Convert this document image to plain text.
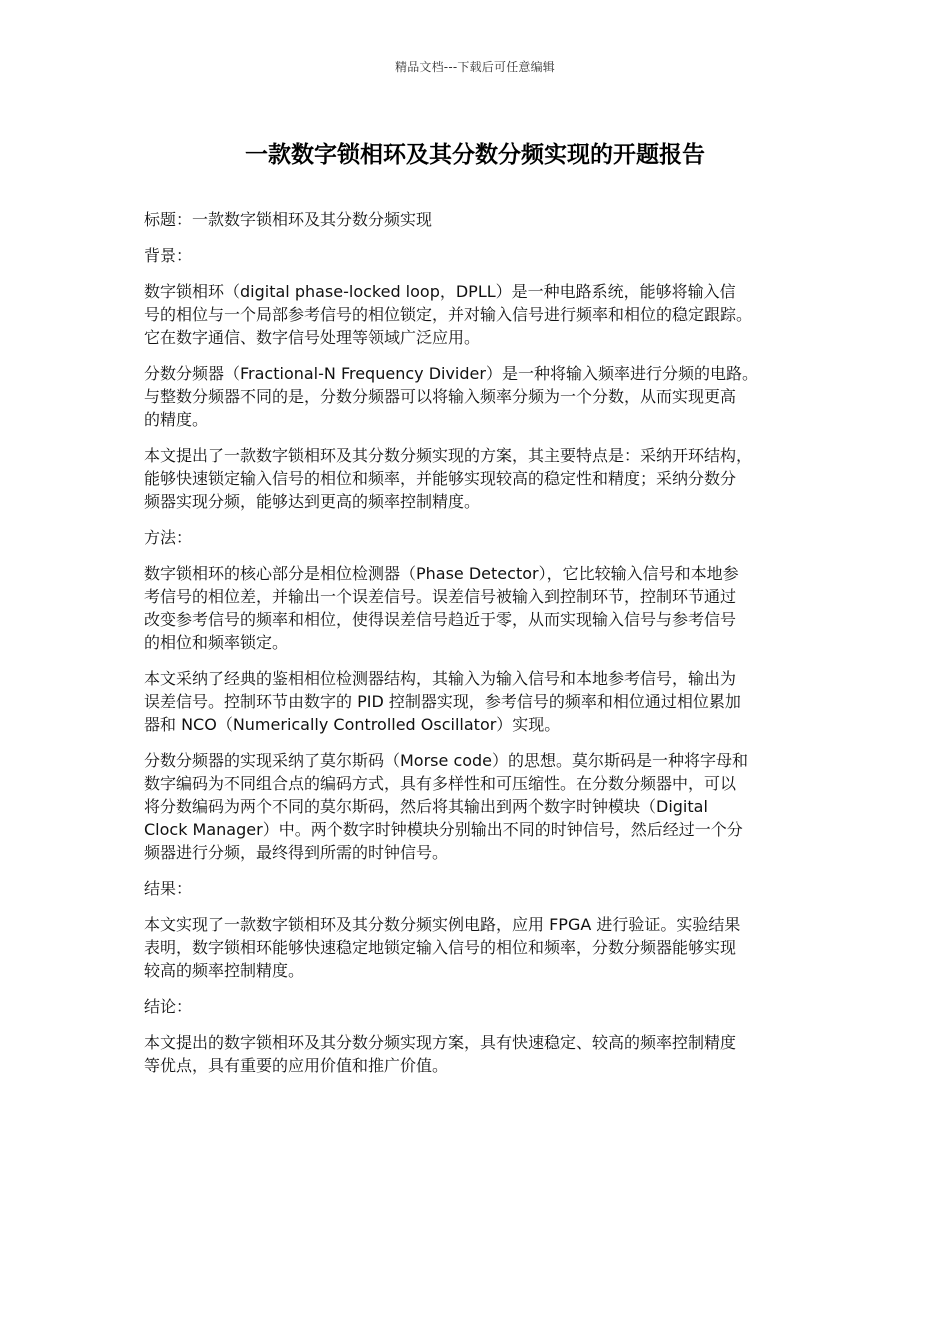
精品文档---下载后可任意编辑
一款数字锁相环及其分数分频实现的开题报告

标题：一款数字锁相环及其分数分频实现

背景：

数字锁相环（digital phase-locked loop，DPLL）是一种电路系统，能够将输入信
号的相位与一个局部参考信号的相位锁定，并对输入信号进行频率和相位的稳定跟踪。
它在数字通信、数字信号处理等领域广泛应用。

分数分频器（Fractional-N Frequency Divider）是一种将输入频率进行分频的电路。
与整数分频器不同的是，分数分频器可以将输入频率分频为一个分数，从而实现更高
的精度。

本文提出了一款数字锁相环及其分数分频实现的方案，其主要特点是：采纳开环结构，
能够快速锁定输入信号的相位和频率，并能够实现较高的稳定性和精度；采纳分数分
频器实现分频，能够达到更高的频率控制精度。

方法：

数字锁相环的核心部分是相位检测器（Phase Detector），它比较输入信号和本地参
考信号的相位差，并输出一个误差信号。误差信号被输入到控制环节，控制环节通过
改变参考信号的频率和相位，使得误差信号趋近于零，从而实现输入信号与参考信号
的相位和频率锁定。

本文采纳了经典的鉴相相位检测器结构，其输入为输入信号和本地参考信号，输出为
误差信号。控制环节由数字的 PID 控制器实现，参考信号的频率和相位通过相位累加
器和 NCO（Numerically Controlled Oscillator）实现。

分数分频器的实现采纳了莫尔斯码（Morse code）的思想。莫尔斯码是一种将字母和
数字编码为不同组合点的编码方式，具有多样性和可压缩性。在分数分频器中，可以
将分数编码为两个不同的莫尔斯码，然后将其输出到两个数字时钟模块（Digital
Clock Manager）中。两个数字时钟模块分别输出不同的时钟信号，然后经过一个分
频器进行分频，最终得到所需的时钟信号。

结果：

本文实现了一款数字锁相环及其分数分频实例电路，应用 FPGA 进行验证。实验结果
表明，数字锁相环能够快速稳定地锁定输入信号的相位和频率，分数分频器能够实现
较高的频率控制精度。

结论：

本文提出的数字锁相环及其分数分频实现方案，具有快速稳定、较高的频率控制精度
等优点，具有重要的应用价值和推广价值。
